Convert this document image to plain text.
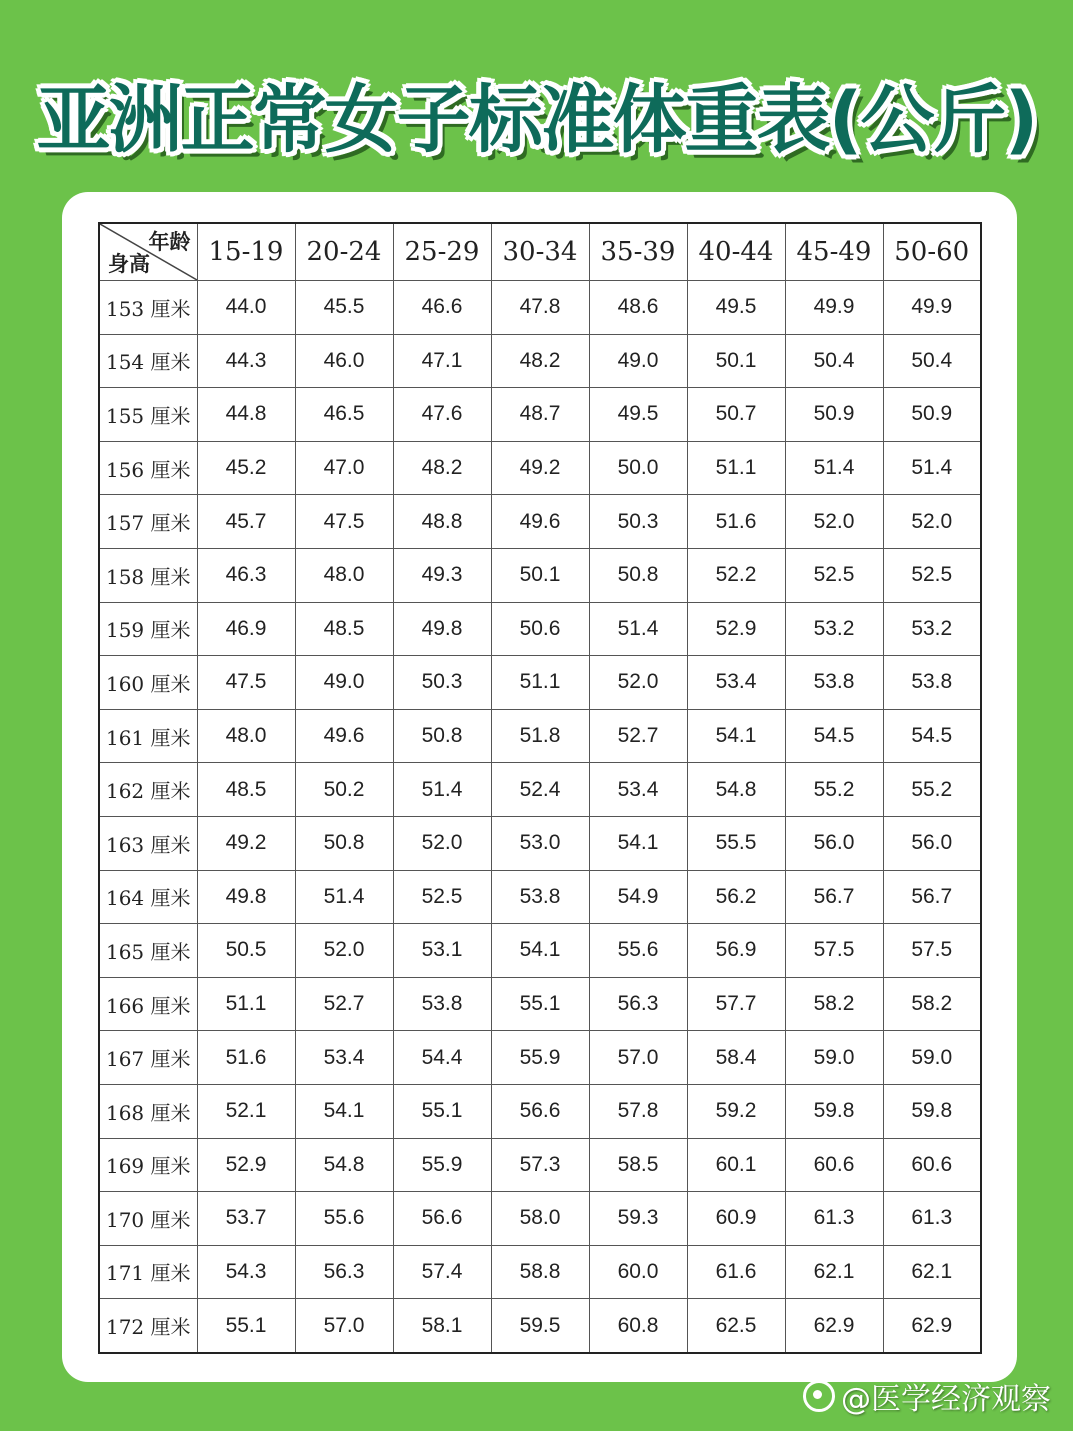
亚洲正常女子标准体重表(公斤)
年龄
身高	15-19	20-24	25-29	30-34	35-39	40-44	45-49	50-60
153 厘米	44.0	45.5	46.6	47.8	48.6	49.5	49.9	49.9
154 厘米	44.3	46.0	47.1	48.2	49.0	50.1	50.4	50.4
155 厘米	44.8	46.5	47.6	48.7	49.5	50.7	50.9	50.9
156 厘米	45.2	47.0	48.2	49.2	50.0	51.1	51.4	51.4
157 厘米	45.7	47.5	48.8	49.6	50.3	51.6	52.0	52.0
158 厘米	46.3	48.0	49.3	50.1	50.8	52.2	52.5	52.5
159 厘米	46.9	48.5	49.8	50.6	51.4	52.9	53.2	53.2
160 厘米	47.5	49.0	50.3	51.1	52.0	53.4	53.8	53.8
161 厘米	48.0	49.6	50.8	51.8	52.7	54.1	54.5	54.5
162 厘米	48.5	50.2	51.4	52.4	53.4	54.8	55.2	55.2
163 厘米	49.2	50.8	52.0	53.0	54.1	55.5	56.0	56.0
164 厘米	49.8	51.4	52.5	53.8	54.9	56.2	56.7	56.7
165 厘米	50.5	52.0	53.1	54.1	55.6	56.9	57.5	57.5
166 厘米	51.1	52.7	53.8	55.1	56.3	57.7	58.2	58.2
167 厘米	51.6	53.4	54.4	55.9	57.0	58.4	59.0	59.0
168 厘米	52.1	54.1	55.1	56.6	57.8	59.2	59.8	59.8
169 厘米	52.9	54.8	55.9	57.3	58.5	60.1	60.6	60.6
170 厘米	53.7	55.6	56.6	58.0	59.3	60.9	61.3	61.3
171 厘米	54.3	56.3	57.4	58.8	60.0	61.6	62.1	62.1
172 厘米	55.1	57.0	58.1	59.5	60.8	62.5	62.9	62.9
@医学经济观察
